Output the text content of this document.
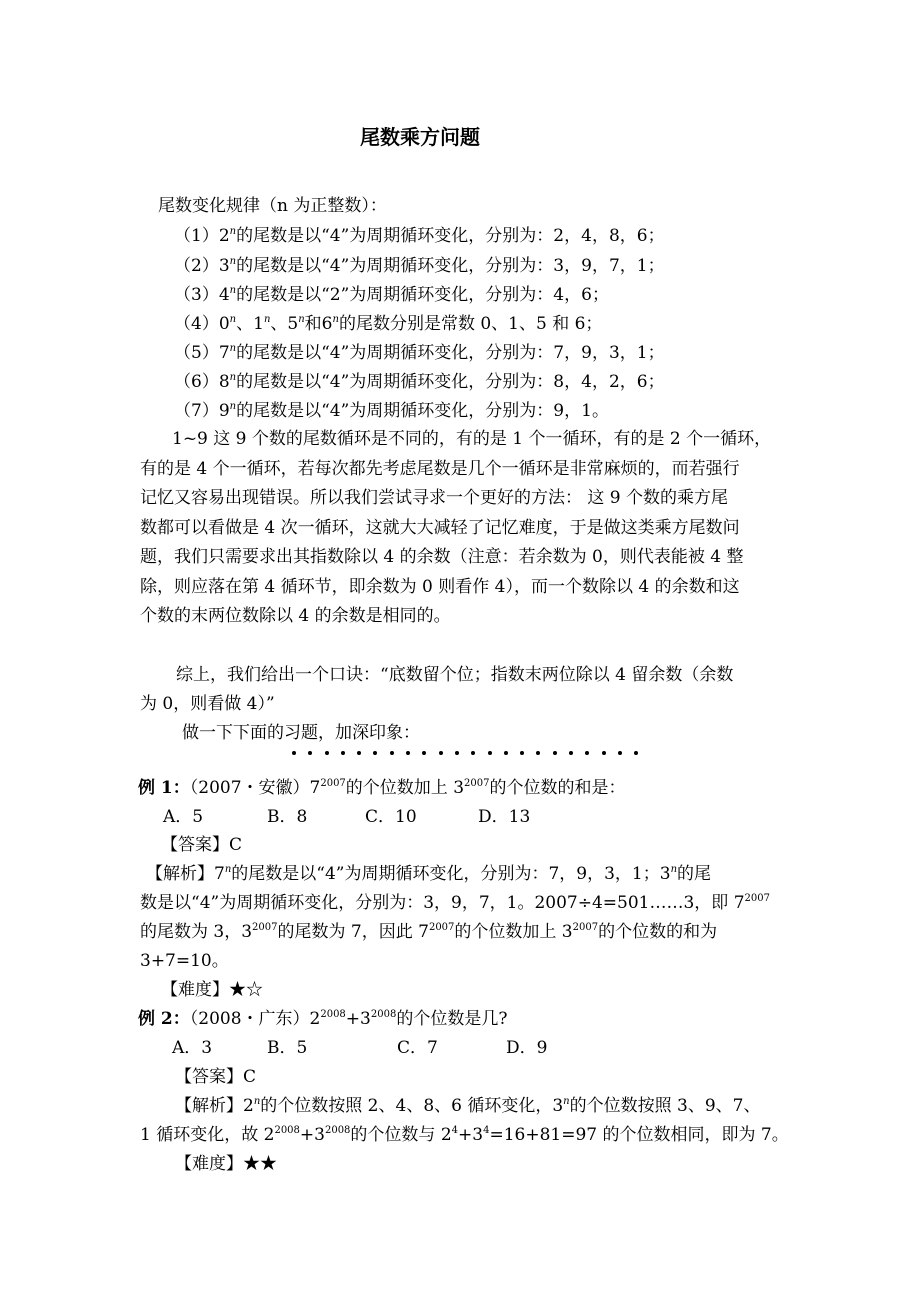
尾数乘方问题
尾数变化规律（n 为正整数）：
（1）2$^n$的尾数是以“4”为周期循环变化，分别为：2，4，8，6；
（2）3$^n$的尾数是以“4”为周期循环变化，分别为：3，9，7，1；
（3）4$^n$的尾数是以“2”为周期循环变化，分别为：4，6；
（4）0$^n$、1$^n$、5$^n$和6$^n$的尾数分别是常数 0、1、5 和 6；
（5）7$^n$的尾数是以“4”为周期循环变化，分别为：7，9，3，1；
（6）8$^n$的尾数是以“4”为周期循环变化，分别为：8，4，2，6；
（7）9$^n$的尾数是以“4”为周期循环变化，分别为：9，1。
1~9 这 9 个数的尾数循环是不同的，有的是 1 个一循环，有的是 2 个一循环，
有的是 4 个一循环，若每次都先考虑尾数是几个一循环是非常麻烦的，而若强行
记忆又容易出现错误。所以我们尝试寻求一个更好的方法： 这 9 个数的乘方尾
数都可以看做是 4 次一循环，这就大大减轻了记忆难度，于是做这类乘方尾数问
题，我们只需要求出其指数除以 4 的余数（注意：若余数为 0，则代表能被 4 整
除，则应落在第 4 循环节，即余数为 0 则看作 4），而一个数除以 4 的余数和这
个数的末两位数除以 4 的余数是相同的。
综上，我们给出一个口诀：“底数留个位；指数末两位除以 4 留余数（余数
为 0，则看做 4）”
做一下下面的习题，加深印象：
例 1：（2007・安徽）$7^{2007}$的个位数加上 $3^{2007}$的个位数的和是：
A．5	B．8	C．10	D．13
【答案】C
【解析】7$^n$的尾数是以“4”为周期循环变化，分别为：7，9，3，1；3$^n$的尾
数是以“4”为周期循环变化，分别为：3，9，7，1。2007÷4=501……3，即 $7^{2007}$
的尾数为 3，$3^{2007}$的尾数为 7，因此 $7^{2007}$的个位数加上 $3^{2007}$的个位数的和为
3+7=10。
【难度】★☆
例 2：（2008・广东）$2^{2008}+3^{2008}$的个位数是几?
A．3	B．5	C．7	D．9
【答案】C
【解析】2$^n$的个位数按照 2、4、8、6 循环变化，3$^n$的个位数按照 3、9、7、
1 循环变化，故 $2^{2008}+3^{2008}$的个位数与 $2^4+3^4=16+81=97$ 的个位数相同，即为 7。
【难度】★★
